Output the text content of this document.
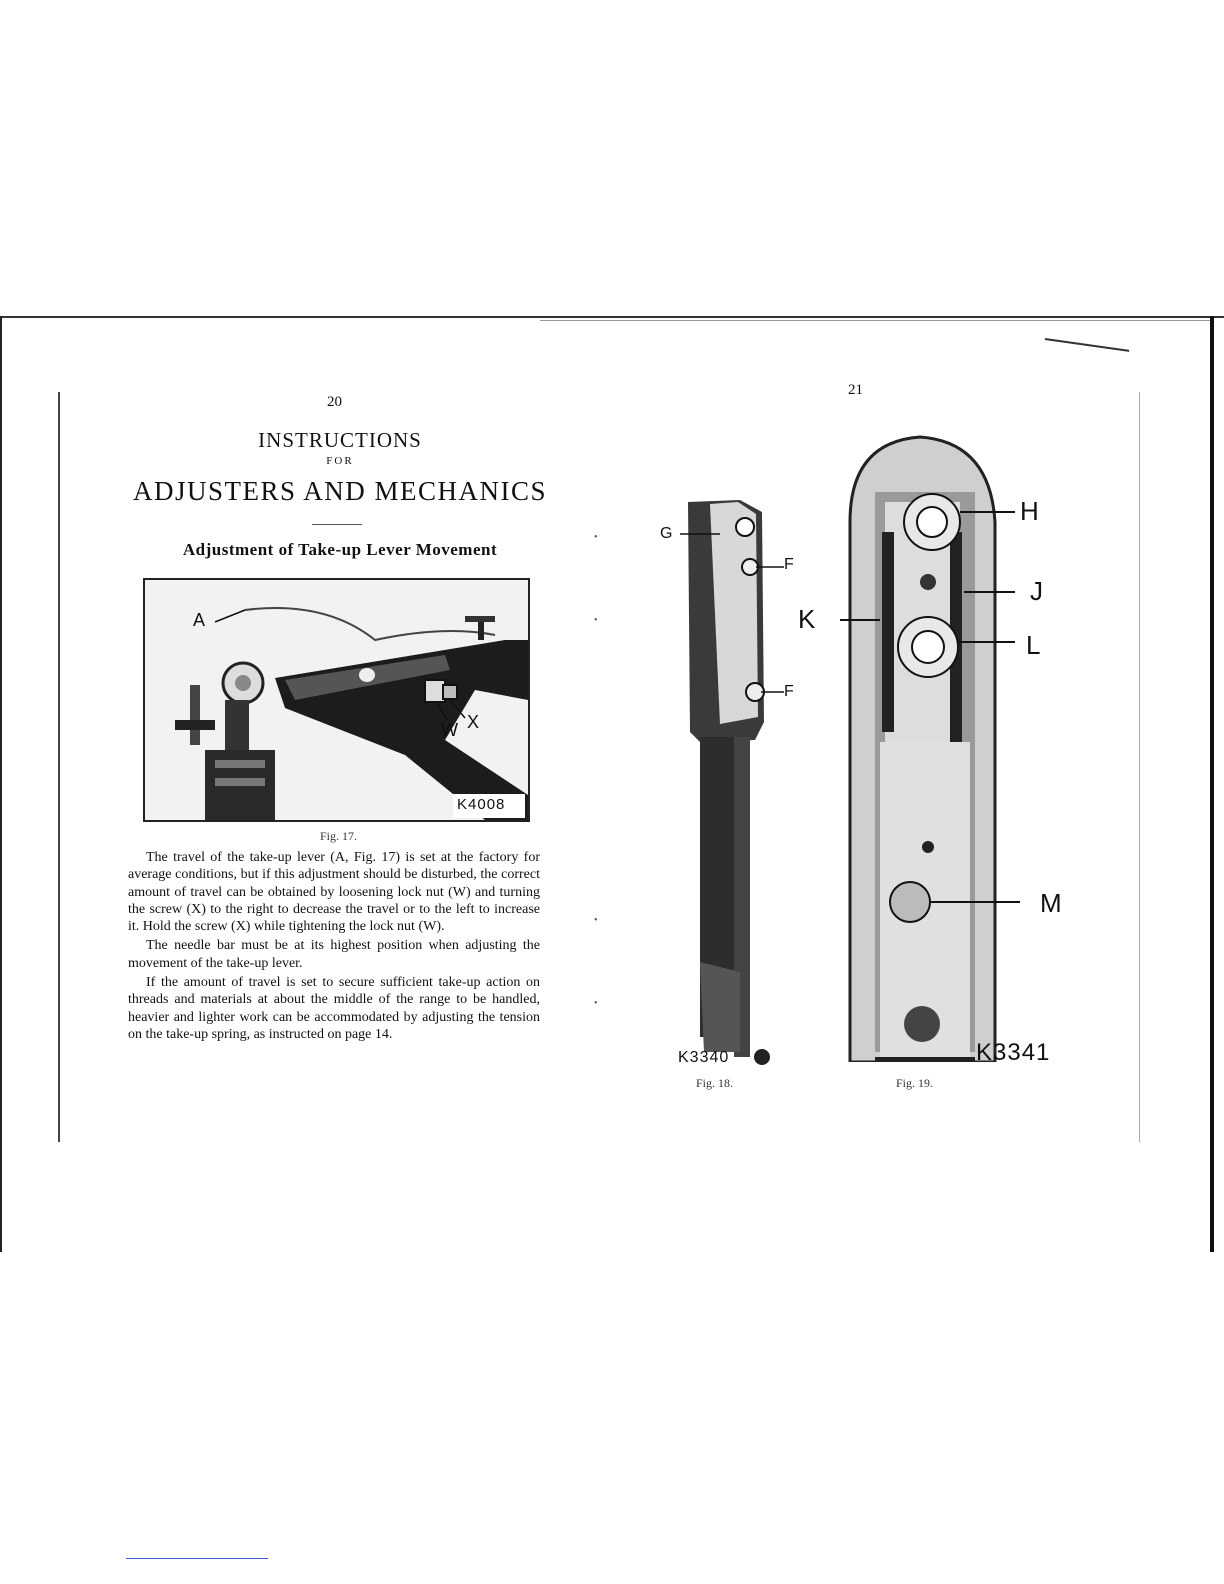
•
•
•
•
20
INSTRUCTIONS
FOR
ADJUSTERS AND MECHANICS
Adjustment of Take-up Lever Movement
A
W X
K4008
Fig. 17.

The travel of the take-up lever (A, Fig. 17) is set at the factory for average conditions, but if this adjustment should be disturbed, the correct amount of travel can be obtained by loosening lock nut (W) and turning the screw (X) to the right to decrease the travel or to the left to increase it. Hold the screw (X) while tightening the lock nut (W).

The needle bar must be at its highest position when adjusting the movement of the take-up lever.

If the amount of travel is set to secure sufficient take-up action on threads and materials at about the middle of the range to be handled, heavier and lighter work can be accommodated by adjusting the tension on the take-up spring, as instructed on page 14.

21
G
F
F
K3340
Fig. 18.
H
J
K
L
M
K3341
Fig. 19.
